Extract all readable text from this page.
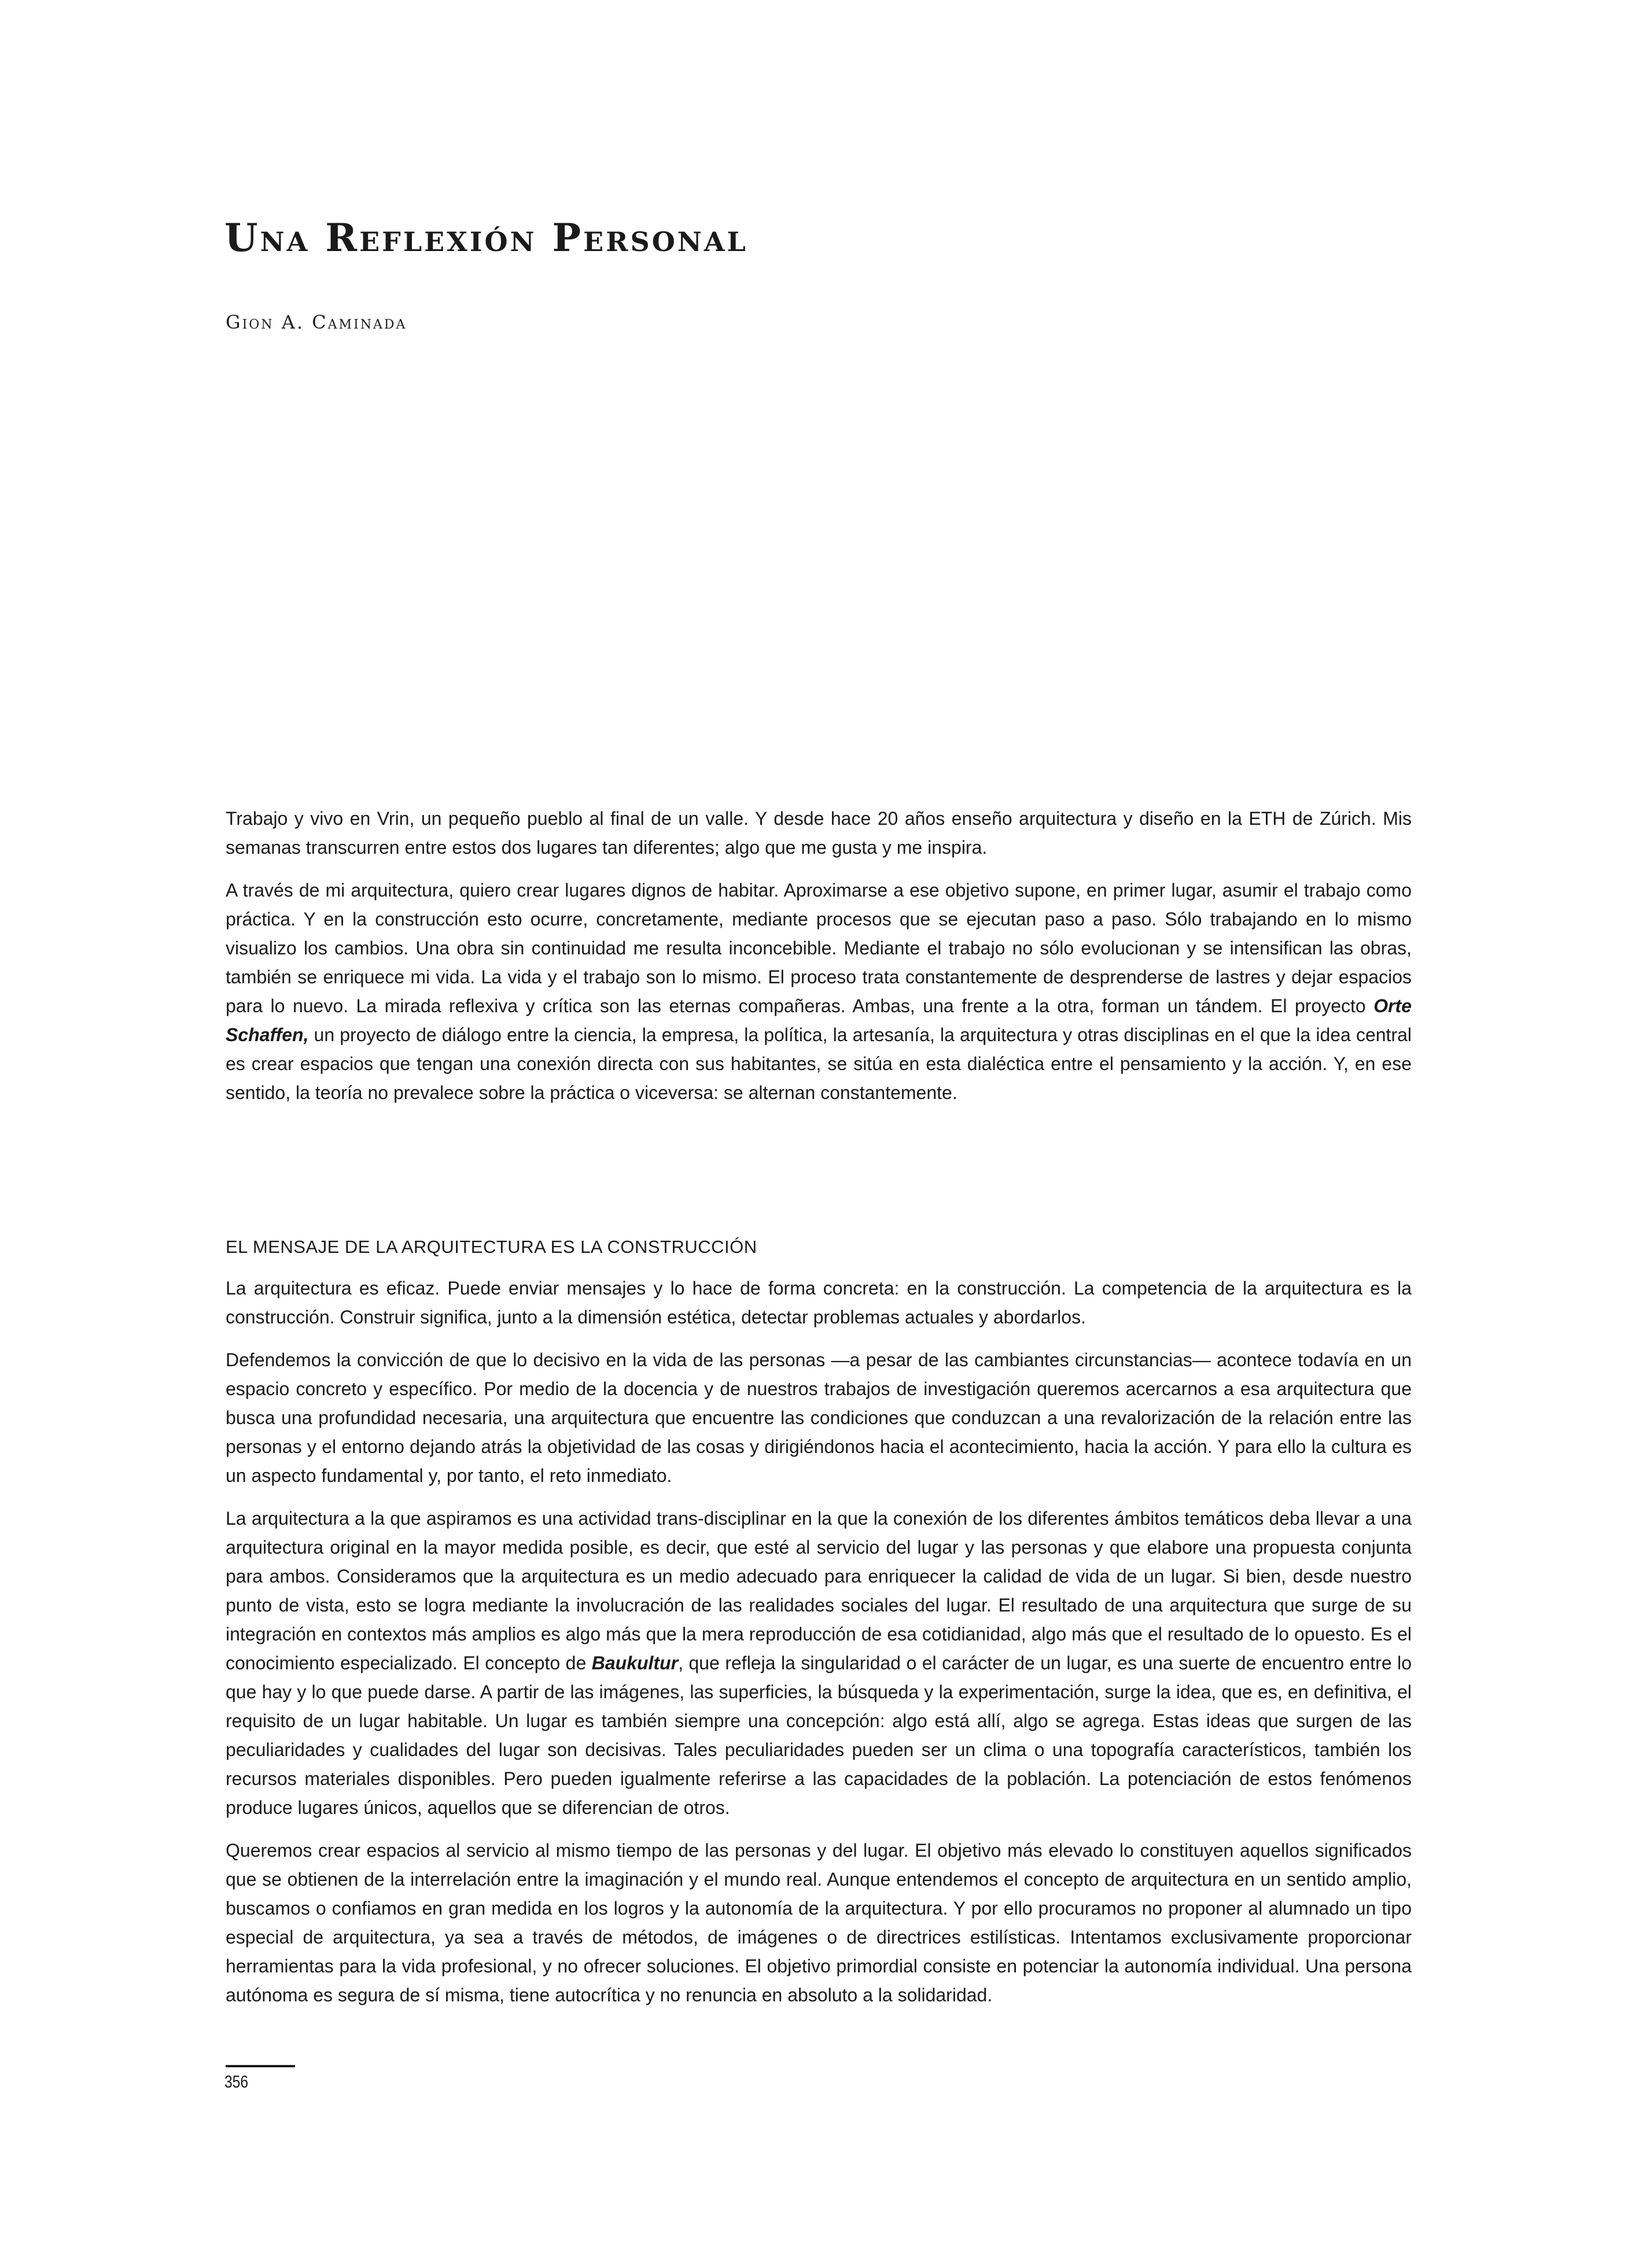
Una Reflexión Personal

Gion A. Caminada

Trabajo y vivo en Vrin, un pequeño pueblo al final de un valle. Y desde hace 20 años enseño arquitectura y diseño en la ETH de Zúrich. Mis semanas transcurren entre estos dos lugares tan diferentes; algo que me gusta y me inspira.

A través de mi arquitectura, quiero crear lugares dignos de habitar. Aproximarse a ese objetivo supone, en primer lugar, asumir el trabajo como práctica. Y en la construcción esto ocurre, concretamente, mediante procesos que se ejecutan paso a paso. Sólo trabajando en lo mismo visualizo los cambios. Una obra sin continuidad me resulta inconcebible. Mediante el trabajo no sólo evolucionan y se intensifican las obras, también se enriquece mi vida. La vida y el trabajo son lo mismo. El proceso trata constantemente de desprenderse de lastres y dejar espacios para lo nuevo. La mirada reflexiva y crítica son las eternas compañeras. Ambas, una frente a la otra, forman un tándem. El proyecto Orte Schaffen, un proyecto de diálogo entre la ciencia, la empresa, la política, la artesanía, la arquitectura y otras disciplinas en el que la idea central es crear espacios que tengan una conexión directa con sus habitantes, se sitúa en esta dialéctica entre el pensamiento y la acción. Y, en ese sentido, la teoría no prevalece sobre la práctica o viceversa: se alternan constantemente.

EL MENSAJE DE LA ARQUITECTURA ES LA CONSTRUCCIÓN

La arquitectura es eficaz. Puede enviar mensajes y lo hace de forma concreta: en la construcción. La competencia de la arquitectura es la construcción. Construir significa, junto a la dimensión estética, detectar problemas actuales y abordarlos.

Defendemos la convicción de que lo decisivo en la vida de las personas —a pesar de las cambiantes circunstancias— acontece todavía en un espacio concreto y específico. Por medio de la docencia y de nuestros trabajos de investigación queremos acercarnos a esa arquitectura que busca una profundidad necesaria, una arquitectura que encuentre las condiciones que conduzcan a una revalorización de la relación entre las personas y el entorno dejando atrás la objetividad de las cosas y dirigiéndonos hacia el acontecimiento, hacia la acción. Y para ello la cultura es un aspecto fundamental y, por tanto, el reto inmediato.

La arquitectura a la que aspiramos es una actividad trans-disciplinar en la que la conexión de los diferentes ámbitos temáticos deba llevar a una arquitectura original en la mayor medida posible, es decir, que esté al servicio del lugar y las personas y que elabore una propuesta conjunta para ambos. Consideramos que la arquitectura es un medio adecuado para enriquecer la calidad de vida de un lugar. Si bien, desde nuestro punto de vista, esto se logra mediante la involucración de las realidades sociales del lugar. El resultado de una arquitectura que surge de su integración en contextos más amplios es algo más que la mera reproducción de esa cotidianidad, algo más que el resultado de lo opuesto. Es el conocimiento especializado. El concepto de Baukultur, que refleja la singularidad o el carácter de un lugar, es una suerte de encuentro entre lo que hay y lo que puede darse. A partir de las imágenes, las superficies, la búsqueda y la experimentación, surge la idea, que es, en definitiva, el requisito de un lugar habitable. Un lugar es también siempre una concepción: algo está allí, algo se agrega. Estas ideas que surgen de las peculiaridades y cualidades del lugar son decisivas. Tales peculiaridades pueden ser un clima o una topografía característicos, también los recursos materiales disponibles. Pero pueden igualmente referirse a las capacidades de la población. La potenciación de estos fenómenos produce lugares únicos, aquellos que se diferencian de otros.

Queremos crear espacios al servicio al mismo tiempo de las personas y del lugar. El objetivo más elevado lo constituyen aquellos significados que se obtienen de la interrelación entre la imaginación y el mundo real. Aunque entendemos el concepto de arquitectura en un sentido amplio, buscamos o confiamos en gran medida en los logros y la autonomía de la arquitectura. Y por ello procuramos no proponer al alumnado un tipo especial de arquitectura, ya sea a través de métodos, de imágenes o de directrices estilísticas. Intentamos exclusivamente proporcionar herramientas para la vida profesional, y no ofrecer soluciones. El objetivo primordial consiste en potenciar la autonomía individual. Una persona autónoma es segura de sí misma, tiene autocrítica y no renuncia en absoluto a la solidaridad.

356
